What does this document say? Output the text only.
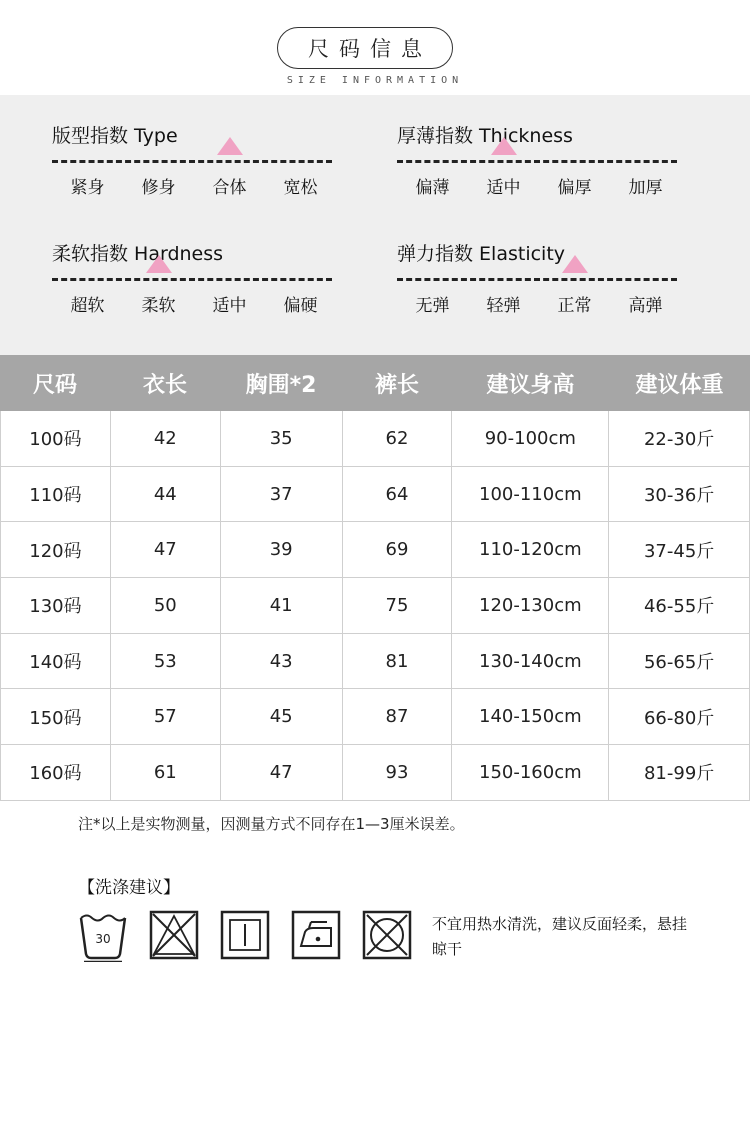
尺码信息
SIZE INFORMATION
版型指数 Type
紧身	修身	合体	宽松
厚薄指数 Thickness
偏薄	适中	偏厚	加厚
柔软指数 Hardness
超软	柔软	适中	偏硬
弹力指数 Elasticity
无弹	轻弹	正常	高弹
尺码	衣长	胸围*2	裤长	建议身高	建议体重
100码	42	35	62	90-100cm	22-30斤
110码	44	37	64	100-110cm	30-36斤
120码	47	39	69	110-120cm	37-45斤
130码	50	41	75	120-130cm	46-55斤
140码	53	43	81	130-140cm	56-65斤
150码	57	45	87	140-150cm	66-80斤
160码	61	47	93	150-160cm	81-99斤
注*以上是实物测量，因测量方式不同存在1—3厘米误差。
【洗涤建议】
30
不宜用热水清洗，建议反面轻柔，悬挂晾干
